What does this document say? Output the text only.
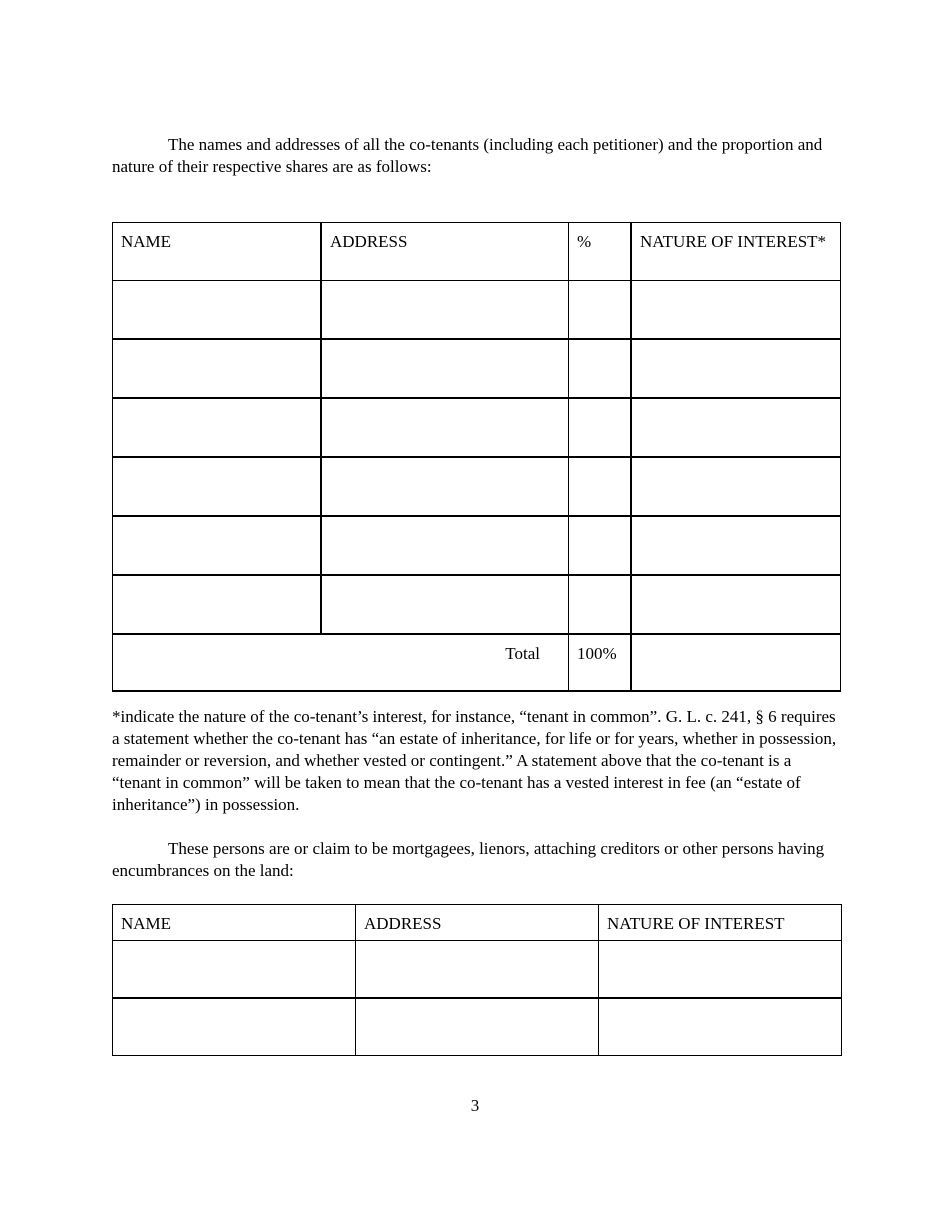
The names and addresses of all the co-tenants (including each petitioner) and the proportion and nature of their respective shares are as follows:

NAME	ADDRESS	%	NATURE OF INTEREST*

Total		100%	

*indicate the nature of the co-tenant’s interest, for instance, “tenant in common”. G. L. c. 241, § 6 requires a statement whether the co-tenant has “an estate of inheritance, for life or for years, whether in possession, remainder or reversion, and whether vested or contingent.” A statement above that the co-tenant is a “tenant in common” will be taken to mean that the co-tenant has a vested interest in fee (an “estate of inheritance”) in possession.

These persons are or claim to be mortgagees, lienors, attaching creditors or other persons having encumbrances on the land:

NAME	ADDRESS	NATURE OF INTEREST

3
